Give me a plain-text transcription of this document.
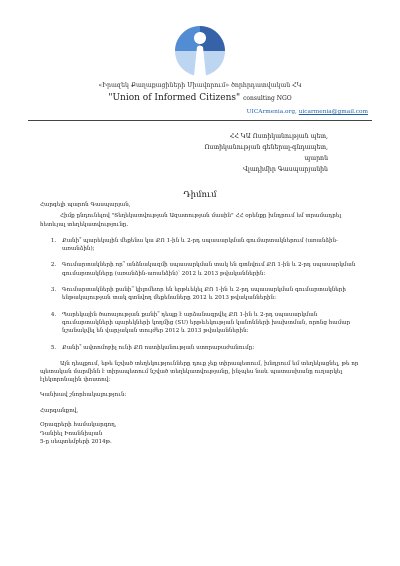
«Իրազեկ Քաղաքացիների Միավորում» ծորհրդատվական ՀԿ
"Union of Informed Citizens" consulting NGO
UICArmenia.org, uicarmenia@gmail.com
ՀՀ ԿԱ Ոստիկանության պետ,
Ոստիկանության գեներալ-գնդապետ,
պարոն
Վլադիմիր Գասպարյանին
Դիմում

Հարգելի պարոն Գասպարյան,

Հիմք ընդունելով "Տեղեկատվության Ազատության մասին" ՀՀ օրենքը խնդրում եմ տրամադրել հետևյալ տեղեկատվությունը․

1. Քանի՞ պարեկային մեքենա կա ՔՈ 1-ին և 2-րդ սպասարկման գումարտակներում (առանձին-առանձին);
2. Գումարտակների որ՞ անձնակազմի սպասարկման տակ են գտնվում ՔՈ 1-ին և 2-րդ սպասարկման գումարտակները (առանձին-առանձին)՝ 2012 և 2013 թվականներին։
3. Գումարտակների քանի՞ կիլոմետր են երթևեկել ՔՈ 1-ին և 2-րդ սպասարկման գումարտակների ենթակայության տակ գտնվող մեքենաները 2012 և 2013 թվականներին։
4. Պարեկային ծառայության քանի՞ դեպք է արձանագրվել ՔՈ 1-ին և 2-րդ սպասարկման գումարտակների պարեկների կողմից (SU) երթևեկության կանոնների խախտման, որոնց համար նշանակվել են վարչական տույժեր 2012 և 2013 թվականներին։
5. Քանի՞ ավտոմոբիլ ունի ՔՈ ոստիկանության ստորաբաժանումը։

Այն դեպքում, եթե նշված տեղեկությունները դուք չեք տիրապետում, խնդրում եմ տեղեկացնել, թե որ պետական մարմինն է տիրապետում նշված տեղեկատվությանը, ինչպես նաև պատասխանը ուղարկել էլեկտրոնային փոստով։

Կանխավ շնորհակալություն։

Հարգանքով,
Օրագրերի համակարգող,
Դանիել Իոաննիսյան
5-ը սեպտեմբերի 2014թ.
